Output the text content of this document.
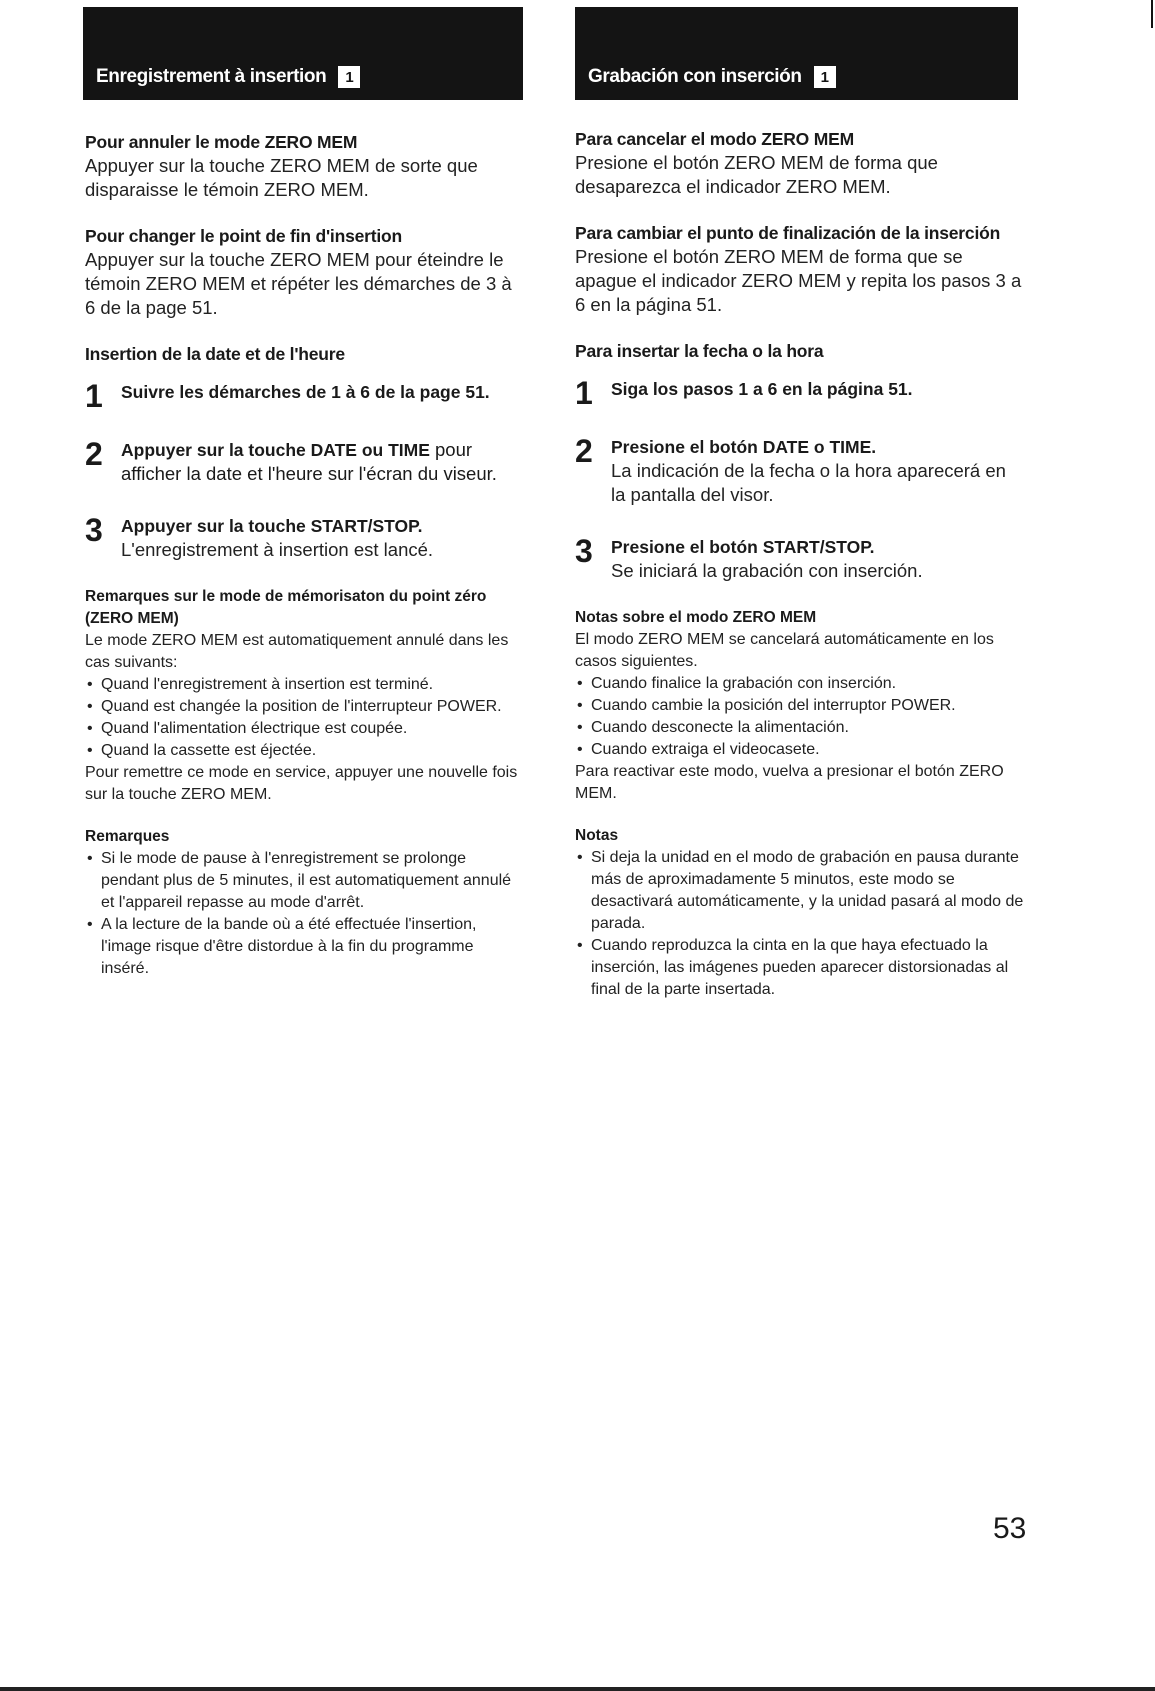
Enregistrement à insertion	1
Pour annuler le mode ZERO MEM

Appuyer sur la touche ZERO MEM de sorte que disparaisse le témoin ZERO MEM.

Pour changer le point de fin d'insertion

Appuyer sur la touche ZERO MEM pour éteindre le témoin ZERO MEM et répéter les démarches de 3 à 6 de la page 51.

Insertion de la date et de l'heure
1 Suivre les démarches de 1 à 6 de la page 51.

2 Appuyer sur la touche DATE ou TIME pour afficher la date et l'heure sur l'écran du viseur.

3 Appuyer sur la touche START/STOP.

L'enregistrement à insertion est lancé.

Remarques sur le mode de mémorisaton du point zéro (ZERO MEM)

Le mode ZERO MEM est automatiquement annulé dans les cas suivants:

• Quand l'enregistrement à insertion est terminé.
• Quand est changée la position de l'interrupteur POWER.
• Quand l'alimentation électrique est coupée.
• Quand la cassette est éjectée.

Pour remettre ce mode en service, appuyer une nouvelle fois sur la touche ZERO MEM.

Remarques
• Si le mode de pause à l'enregistrement se prolonge pendant plus de 5 minutes, il est automatiquement annulé et l'appareil repasse au mode d'arrêt.
• A la lecture de la bande où a été effectuée l'insertion, l'image risque d'être distordue à la fin du programme inséré.
Grabación con inserción	1
Para cancelar el modo ZERO MEM

Presione el botón ZERO MEM de forma que desaparezca el indicador ZERO MEM.

Para cambiar el punto de finalización de la inserción

Presione el botón ZERO MEM de forma que se apague el indicador ZERO MEM y repita los pasos 3 a 6 en la página 51.

Para insertar la fecha o la hora
1 Siga los pasos 1 a 6 en la página 51.

2 Presione el botón DATE o TIME.

La indicación de la fecha o la hora aparecerá en la pantalla del visor.

3 Presione el botón START/STOP.

Se iniciará la grabación con inserción.

Notas sobre el modo ZERO MEM

El modo ZERO MEM se cancelará automáticamente en los casos siguientes.

• Cuando finalice la grabación con inserción.
• Cuando cambie la posición del interruptor POWER.
• Cuando desconecte la alimentación.
• Cuando extraiga el videocasete.

Para reactivar este modo, vuelva a presionar el botón ZERO MEM.

Notas
• Si deja la unidad en el modo de grabación en pausa durante más de aproximadamente 5 minutos, este modo se desactivará automáticamente, y la unidad pasará al modo de parada.
• Cuando reproduzca la cinta en la que haya efectuado la inserción, las imágenes pueden aparecer distorsionadas al final de la parte insertada.
53
